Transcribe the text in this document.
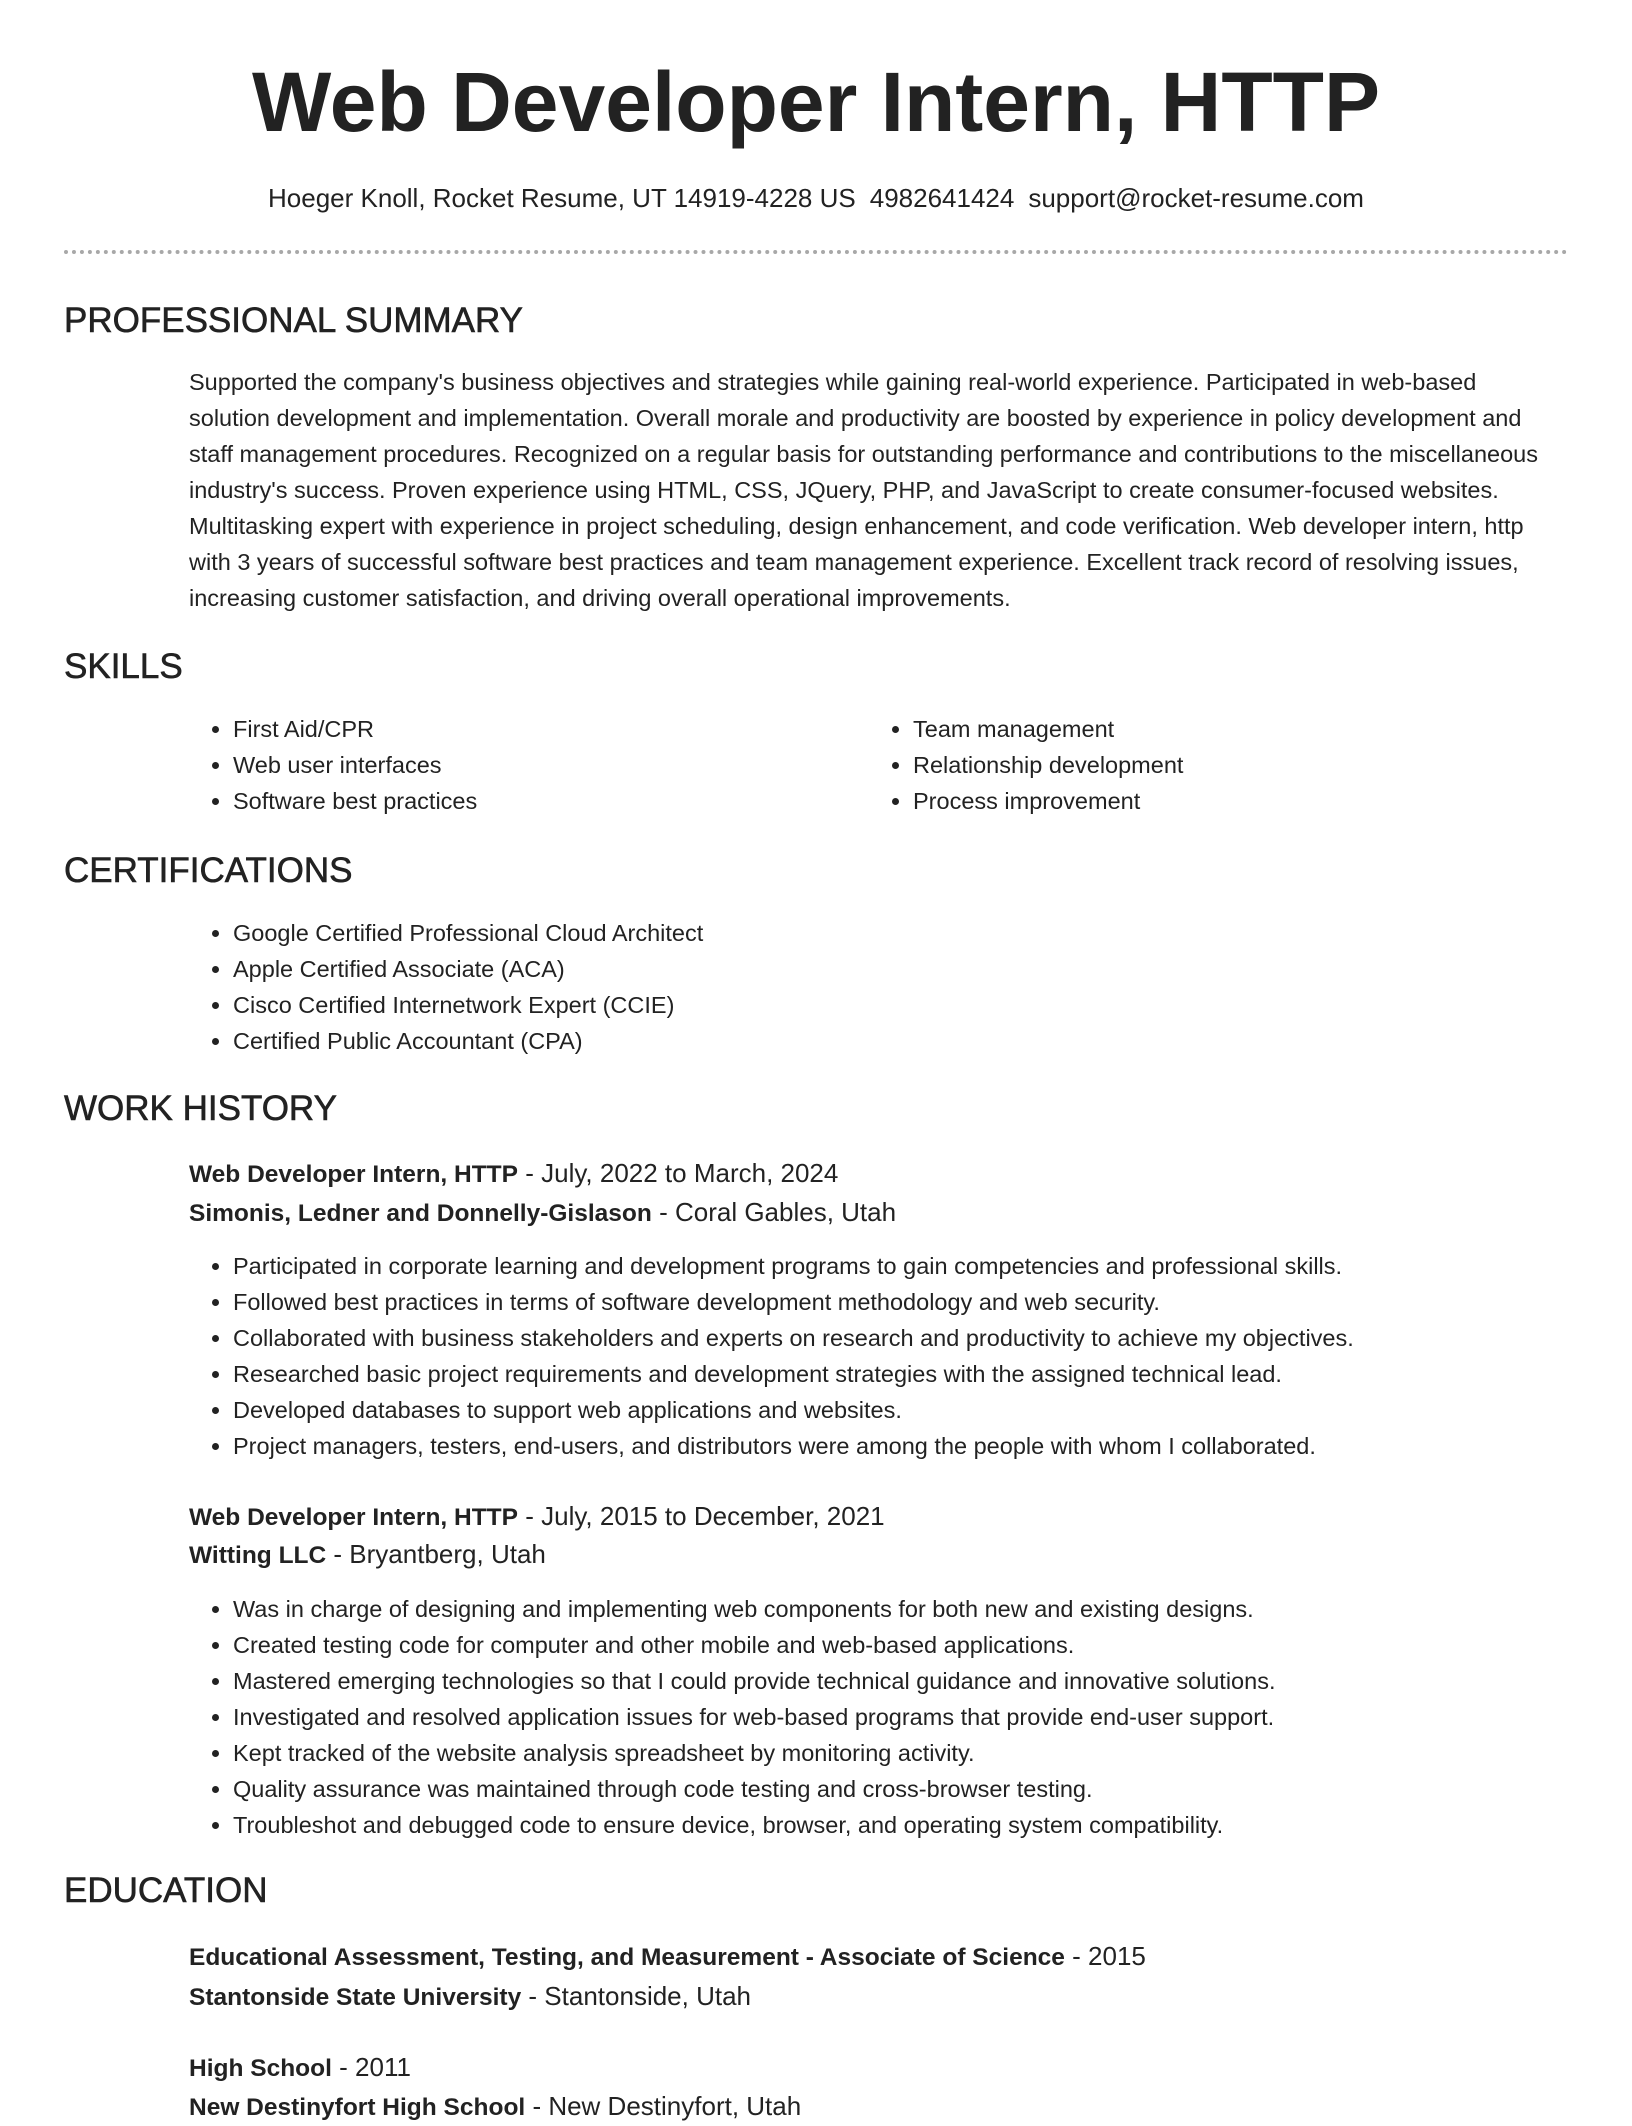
Web Developer Intern, HTTP
Hoeger Knoll, Rocket Resume, UT 14919-4228 US 4982641424 support@rocket-resume.com
PROFESSIONAL SUMMARY

Supported the company's business objectives and strategies while gaining real-world experience. Participated in web-based solution development and implementation. Overall morale and productivity are boosted by experience in policy development and staff management procedures. Recognized on a regular basis for outstanding performance and contributions to the miscellaneous industry's success. Proven experience using HTML, CSS, JQuery, PHP, and JavaScript to create consumer-focused websites. Multitasking expert with experience in project scheduling, design enhancement, and code verification. Web developer intern, http with 3 years of successful software best practices and team management experience. Excellent track record of resolving issues, increasing customer satisfaction, and driving overall operational improvements.

SKILLS
• First Aid/CPR
• Web user interfaces
• Software best practices
• Team management
• Relationship development
• Process improvement
CERTIFICATIONS
• Google Certified Professional Cloud Architect
• Apple Certified Associate (ACA)
• Cisco Certified Internetwork Expert (CCIE)
• Certified Public Accountant (CPA)
WORK HISTORY
Web Developer Intern, HTTP - July, 2022 to March, 2024
Simonis, Ledner and Donnelly-Gislason - Coral Gables, Utah
• Participated in corporate learning and development programs to gain competencies and professional skills.
• Followed best practices in terms of software development methodology and web security.
• Collaborated with business stakeholders and experts on research and productivity to achieve my objectives.
• Researched basic project requirements and development strategies with the assigned technical lead.
• Developed databases to support web applications and websites.
• Project managers, testers, end-users, and distributors were among the people with whom I collaborated.
Web Developer Intern, HTTP - July, 2015 to December, 2021
Witting LLC - Bryantberg, Utah
• Was in charge of designing and implementing web components for both new and existing designs.
• Created testing code for computer and other mobile and web-based applications.
• Mastered emerging technologies so that I could provide technical guidance and innovative solutions.
• Investigated and resolved application issues for web-based programs that provide end-user support.
• Kept tracked of the website analysis spreadsheet by monitoring activity.
• Quality assurance was maintained through code testing and cross-browser testing.
• Troubleshot and debugged code to ensure device, browser, and operating system compatibility.
EDUCATION
Educational Assessment, Testing, and Measurement - Associate of Science - 2015
Stantonside State University - Stantonside, Utah
High School - 2011
New Destinyfort High School - New Destinyfort, Utah
